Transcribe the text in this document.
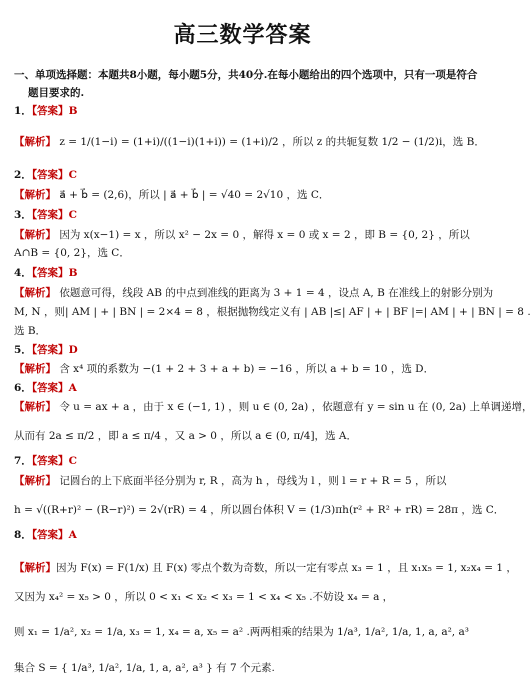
高三数学答案
一、单项选择题：本题共8小题，每小题5分，共40分.在每小题给出的四个选项中，只有一项是符合
题目要求的.
1．【答案】B
【解析】 z = 1/(1−i) = (1+i)/((1−i)(1+i)) = (1+i)/2 ，所以 z 的共轭复数 1/2 − (1/2)i，选 B．
2．【答案】C
【解析】 a⃗ + b⃗ = (2,6)，所以 | a⃗ + b⃗ | = √40 = 2√10 ，选 C．
3．【答案】C
【解析】 因为 x(x−1) = x ，所以 x² − 2x = 0 ，解得 x = 0 或 x = 2 ，即 B = {0, 2} ，所以
A∩B = {0, 2}，选 C．
4．【答案】B
【解析】 依题意可得，线段 AB 的中点到准线的距离为 3 + 1 = 4 ，设点 A, B 在准线上的射影分别为
M, N ，则| AM | + | BN | = 2×4 = 8 ，根据抛物线定义有 | AB |≤| AF | + | BF |=| AM | + | BN | = 8 .
选 B．
5．【答案】D
【解析】 含 x⁴ 项的系数为 −(1 + 2 + 3 + a + b) = −16 ，所以 a + b = 10 ，选 D．
6．【答案】A
【解析】 令 u = ax + a ，由于 x ∈ (−1, 1) ，则 u ∈ (0, 2a) ，依题意有 y = sin u 在 (0, 2a) 上单调递增，
从而有 2a ≤ π/2 ，即 a ≤ π/4 ，又 a > 0 ，所以 a ∈ (0, π/4]，选 A．
7．【答案】C
【解析】 记圆台的上下底面半径分别为 r, R ，高为 h ，母线为 l ，则 l = r + R = 5 ，所以
h = √((R+r)² − (R−r)²) = 2√(rR) = 4 ，所以圆台体积 V = (1/3)πh(r² + R² + rR) = 28π ，选 C．
8．【答案】A
【解析】因为 F(x) = F(1/x) 且 F(x) 零点个数为奇数，所以一定有零点 x₃ = 1 ，且 x₁x₅ = 1, x₂x₄ = 1 ，
又因为 x₄² = x₅ > 0 ，所以 0 < x₁ < x₂ < x₃ = 1 < x₄ < x₅ .不妨设 x₄ = a ，
则 x₁ = 1/a², x₂ = 1/a, x₃ = 1, x₄ = a, x₅ = a² .两两相乘的结果为 1/a³, 1/a², 1/a, 1, a, a², a³
集合 S = { 1/a³, 1/a², 1/a, 1, a, a², a³ } 有 7 个元素.
